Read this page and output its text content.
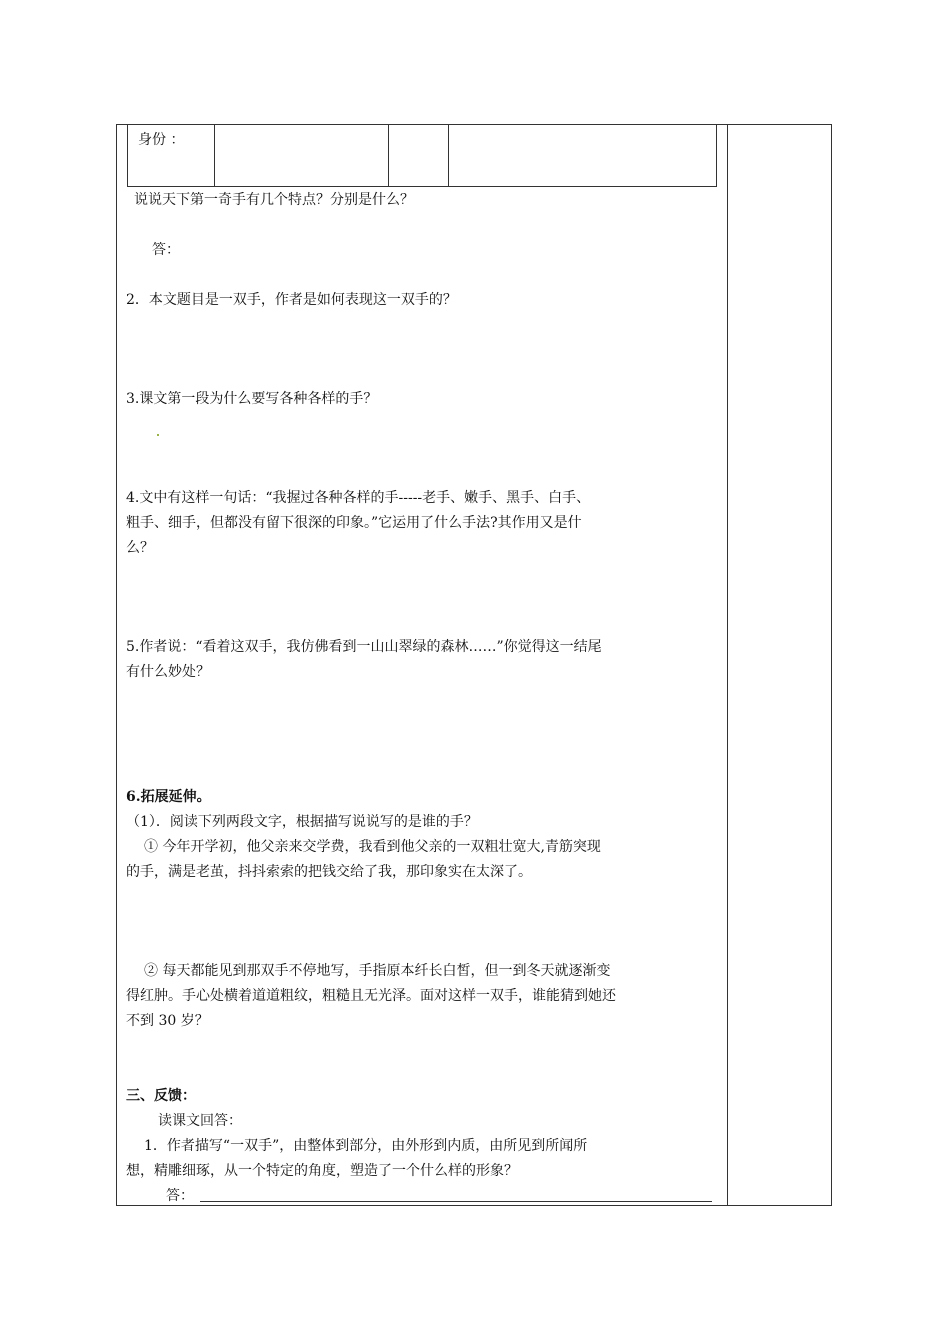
身份 ：
说说天下第一奇手有几个特点？分别是什么？
答：
2．本文题目是一双手，作者是如何表现这一双手的？
3.课文第一段为什么要写各种各样的手？
4.文中有这样一句话：“我握过各种各样的手-----老手、嫩手、黑手、白手、
粗手、细手，但都没有留下很深的印象。”它运用了什么手法?其作用又是什
么？
5.作者说：“看着这双手，我仿佛看到一山山翠绿的森林……”你觉得这一结尾
有什么妙处？
6.拓展延伸。
（1）．阅读下列两段文字，根据描写说说写的是谁的手？
① 今年开学初，他父亲来交学费，我看到他父亲的一双粗壮宽大,青筋突现
的手，满是老茧，抖抖索索的把钱交给了我，那印象实在太深了。
② 每天都能见到那双手不停地写，手指原本纤长白皙，但一到冬天就逐渐变
得红肿。手心处横着道道粗纹，粗糙且无光泽。面对这样一双手，谁能猜到她还
不到 30 岁？
三、反馈：
读课文回答：
1．作者描写“一双手”，由整体到部分，由外形到内质，由所见到所闻所
想，精雕细琢，从一个特定的角度，塑造了一个什么样的形象？
答：
